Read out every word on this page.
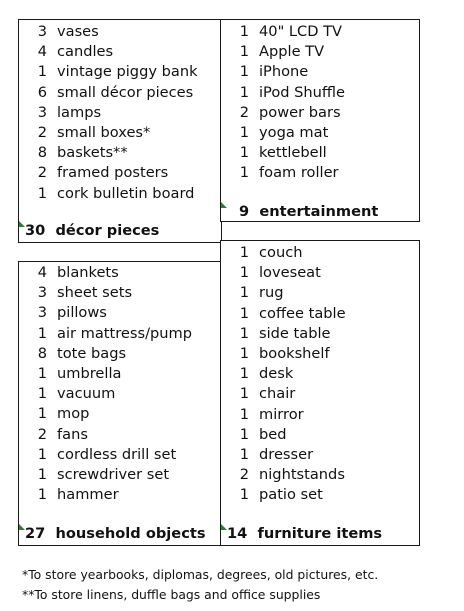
3 vases
4 candles
1 vintage piggy bank
6 small décor pieces
3 lamps
2 small boxes*
8 baskets**
2 framed posters
1 cork bulletin board
30 décor pieces
1 40" LCD TV
1 Apple TV
1 iPhone
1 iPod Shuffle
2 power bars
1 yoga mat
1 kettlebell
1 foam roller
9 entertainment
4 blankets
3 sheet sets
3 pillows
1 air mattress/pump
8 tote bags
1 umbrella
1 vacuum
1 mop
2 fans
1 cordless drill set
1 screwdriver set
1 hammer
27 household objects
1 couch
1 loveseat
1 rug
1 coffee table
1 side table
1 bookshelf
1 desk
1 chair
1 mirror
1 bed
1 dresser
2 nightstands
1 patio set
14 furniture items
*To store yearbooks, diplomas, degrees, old pictures, etc.
**To store linens, duffle bags and office supplies
